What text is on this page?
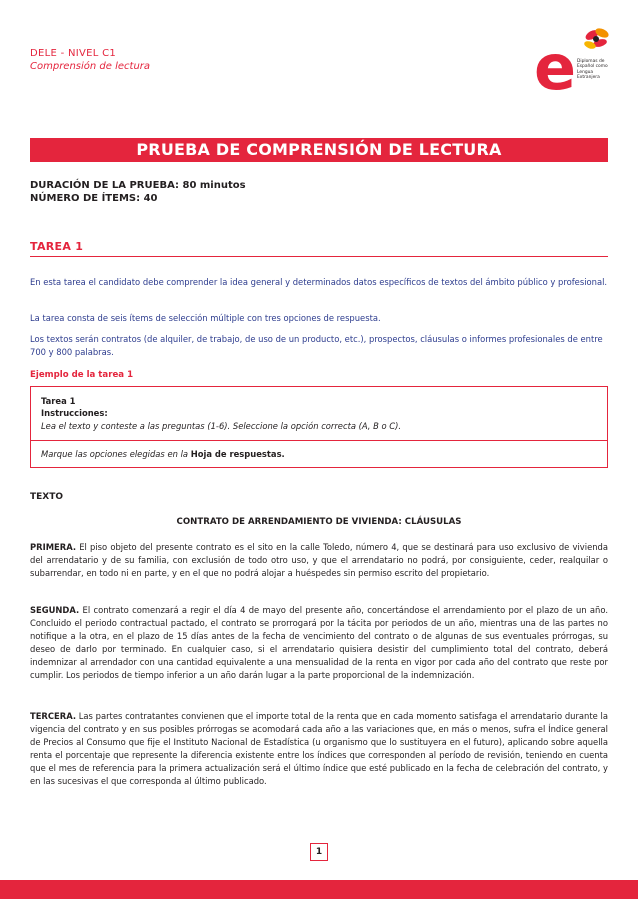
DELE - NIVEL C1
Comprensión de lectura	e Diplomas de
Español como
Lengua
Extranjera
PRUEBA DE COMPRENSIÓN DE LECTURA
DURACIÓN DE LA PRUEBA: 80 minutos
NÚMERO DE ÍTEMS: 40
TAREA 1
En esta tarea el candidato debe comprender la idea general y determinados datos específicos de textos del ámbito público y profesional.
La tarea consta de seis ítems de selección múltiple con tres opciones de respuesta.
Los textos serán contratos (de alquiler, de trabajo, de uso de un producto, etc.), prospectos, cláusulas o informes profesionales de entre 700 y 800 palabras.
Ejemplo de la tarea 1
Tarea 1
Instrucciones:
Lea el texto y conteste a las preguntas (1-6). Seleccione la opción correcta (A, B o C).
Marque las opciones elegidas en la Hoja de respuestas.
TEXTO
CONTRATO DE ARRENDAMIENTO DE VIVIENDA: CLÁUSULAS
PRIMERA. El piso objeto del presente contrato es el sito en la calle Toledo, número 4, que se destinará para uso exclusivo de vivienda del arrendatario y de su familia, con exclusión de todo otro uso, y que el arrendatario no podrá, por consiguiente, ceder, realquilar o subarrendar, en todo ni en parte, y en el que no podrá alojar a huéspedes sin permiso escrito del propietario.
SEGUNDA. El contrato comenzará a regir el día 4 de mayo del presente año, concertándose el arrendamiento por el plazo de un año. Concluido el periodo contractual pactado, el contrato se prorrogará por la tácita por periodos de un año, mientras una de las partes no notifique a la otra, en el plazo de 15 días antes de la fecha de vencimiento del contrato o de algunas de sus eventuales prórrogas, su deseo de darlo por terminado. En cualquier caso, si el arrendatario quisiera desistir del cumplimiento total del contrato, deberá indemnizar al arrendador con una cantidad equivalente a una mensualidad de la renta en vigor por cada año del contrato que reste por cumplir. Los periodos de tiempo inferior a un año darán lugar a la parte proporcional de la indemnización.
TERCERA. Las partes contratantes convienen que el importe total de la renta que en cada momento satisfaga el arrendatario durante la vigencia del contrato y en sus posibles prórrogas se acomodará cada año a las variaciones que, en más o menos, sufra el Índice general de Precios al Consumo que fije el Instituto Nacional de Estadística (u organismo que lo sustituyera en el futuro), aplicando sobre aquella renta el porcentaje que represente la diferencia existente entre los índices que corresponden al período de revisión, teniendo en cuenta que el mes de referencia para la primera actualización será el último índice que esté publicado en la fecha de celebración del contrato, y en las sucesivas el que corresponda al último publicado.
1
